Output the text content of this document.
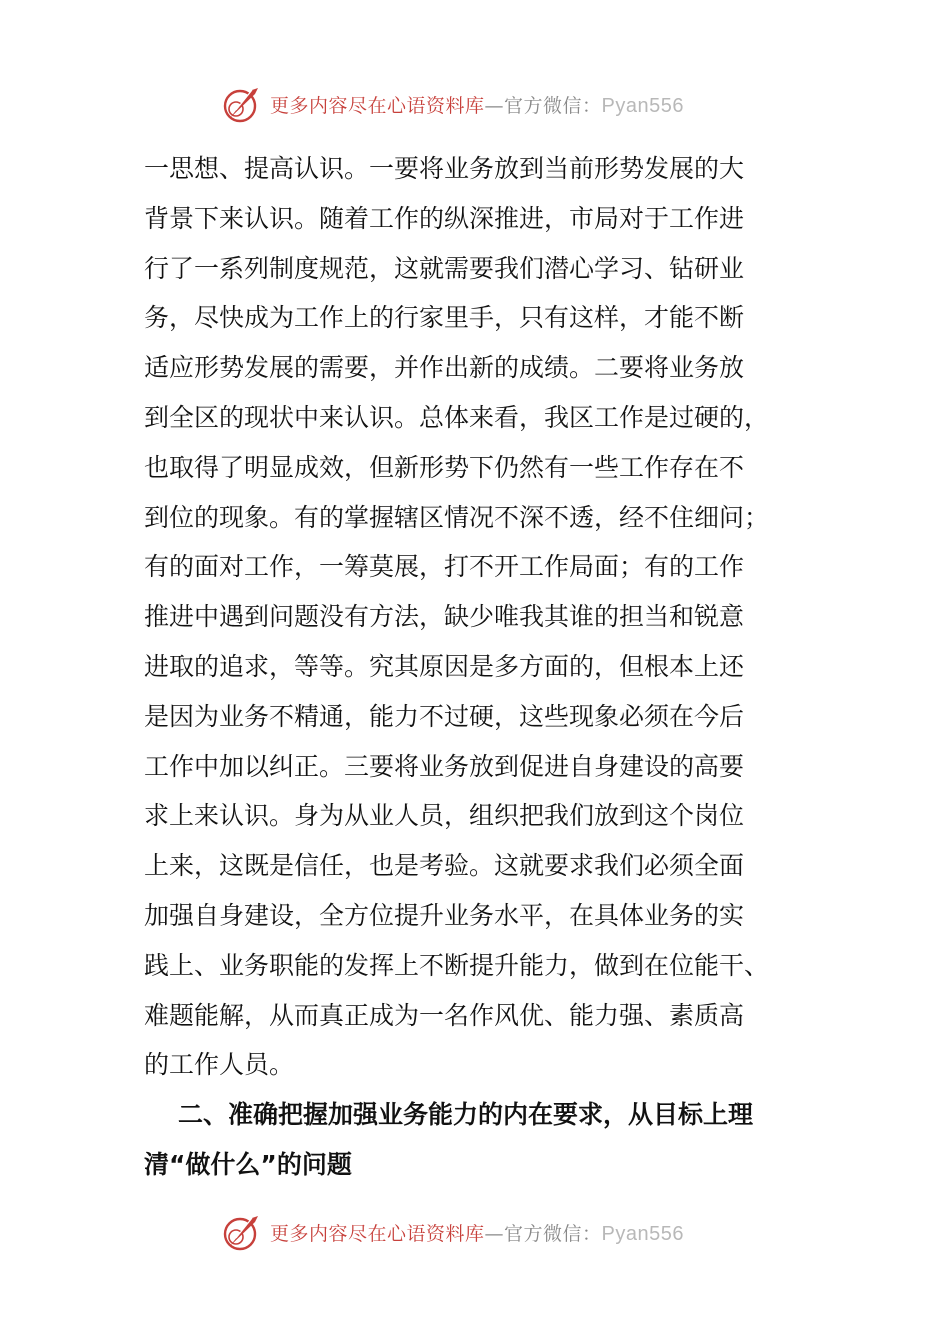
更多内容尽在心语资料库—官方微信：Pyan556
一思想、提高认识。一要将业务放到当前形势发展的大
背景下来认识。随着工作的纵深推进，市局对于工作进
行了一系列制度规范，这就需要我们潜心学习、钻研业
务，尽快成为工作上的行家里手，只有这样，才能不断
适应形势发展的需要，并作出新的成绩。二要将业务放
到全区的现状中来认识。总体来看，我区工作是过硬的，
也取得了明显成效，但新形势下仍然有一些工作存在不
到位的现象。有的掌握辖区情况不深不透，经不住细问；
有的面对工作，一筹莫展，打不开工作局面；有的工作
推进中遇到问题没有方法，缺少唯我其谁的担当和锐意
进取的追求，等等。究其原因是多方面的，但根本上还
是因为业务不精通，能力不过硬，这些现象必须在今后
工作中加以纠正。三要将业务放到促进自身建设的高要
求上来认识。身为从业人员，组织把我们放到这个岗位
上来，这既是信任，也是考验。这就要求我们必须全面
加强自身建设，全方位提升业务水平，在具体业务的实
践上、业务职能的发挥上不断提升能力，做到在位能干、
难题能解，从而真正成为一名作风优、能力强、素质高
的工作人员。
二、准确把握加强业务能力的内在要求，从目标上理
清“做什么”的问题
更多内容尽在心语资料库—官方微信：Pyan556
